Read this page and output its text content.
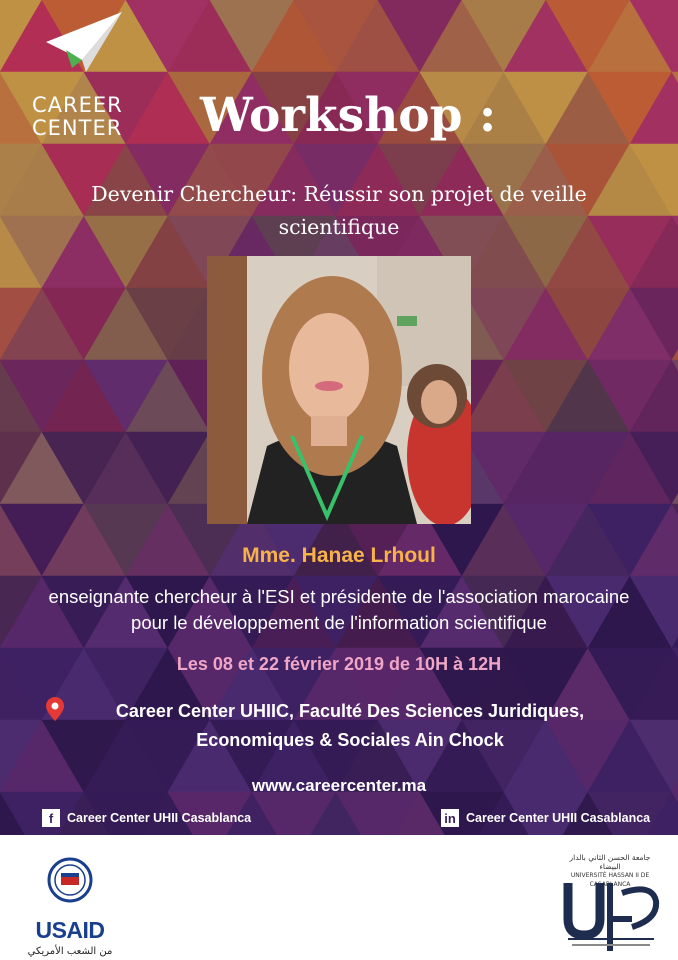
CAREER
CENTER Workshop :
Devenir Chercheur: Réussir son projet de veille scientifique
Mme. Hanae Lrhoul
enseignante chercheur à l'ESI et présidente de l'association marocaine pour le développement de l'information scientifique
Les 08 et 22 février 2019 de 10H à 12H
Career Center UHIIC, Faculté Des Sciences Juridiques,
Economiques & Sociales Ain Chock
www.careercenter.ma
f	Career Center UHII Casablanca	in Career Center UHII Casablanca
USAID
من الشعب الأمريكي
جامعة الحسن الثاني بالدار البيضاء
UNIVERSITÉ HASSAN II DE CASABLANCA
